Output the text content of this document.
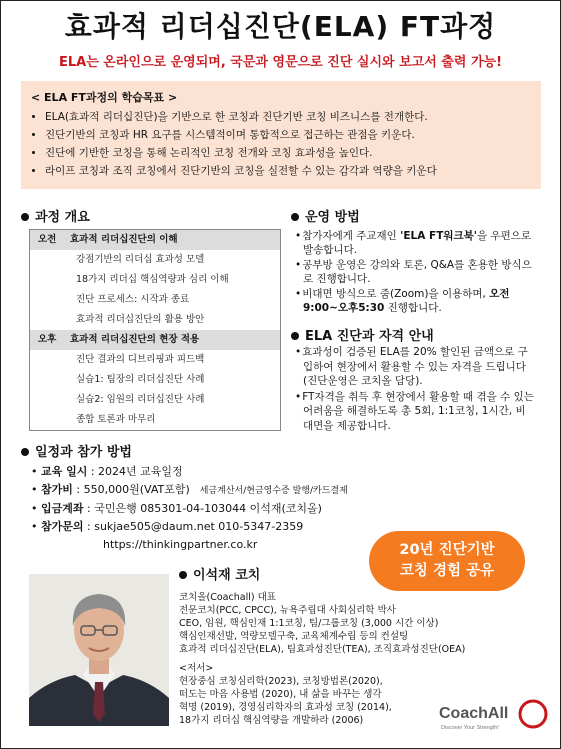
효과적 리더십진단(ELA) FT과정
ELA는 온라인으로 운영되며, 국문과 영문으로 진단 실시와 보고서 출력 가능!
< ELA FT과정의 학습목표 >
• ELA(효과적 리더십진단)을 기반으로 한 코칭과 진단기반 코칭 비즈니스를 전개한다.
• 진단기반의 코칭과 HR 요구를 시스템적이며 통합적으로 접근하는 관점을 키운다.
• 진단에 기반한 코칭을 통해 논리적인 코칭 전개와 코칭 효과성을 높인다.
• 라이프 코칭과 조직 코칭에서 진단기반의 코칭을 실전할 수 있는 감각과 역량을 키운다
과정 개요
오전 효과적 리더십진단의 이해
강점기반의 리더십 효과성 모델
18가지 리더십 핵심역량과 심리 이해
진단 프로세스: 시작과 종료
효과적 리더십진단의 활용 방안
오후 효과적 리더십진단의 현장 적용
진단 결과의 디브리핑과 피드백
실습1: 팀장의 리더십진단 사례
실습2: 임원의 리더십진단 사례
종합 토론과 마무리
운영 방법
• 참가자에게 주교재인 'ELA FT워크북'을 우편으로 발송합니다.
• 공부방 운영은 강의와 토론, Q&A를 혼용한 방식으로 진행합니다.
• 비대면 방식으로 줌(Zoom)을 이용하며, 오전9:00~오후5:30 진행합니다.
ELA 진단과 자격 안내
• 효과성이 검증된 ELA를 20% 할인된 금액으로 구입하여 현장에서 활용할 수 있는 자격을 드립니다(진단운영은 코치올 담당).
• FT자격을 취득 후 현장에서 활용할 때 겪을 수 있는 어려움을 해결하도록 총 5회, 1:1코칭, 1시간, 비대면을 제공합니다.
일정과 참가 방법
• 교육 일시 : 2024년 교육일정
• 참가비 : 550,000원(VAT포함) 세금계산서/현금영수증 발행/카드결제
• 입금계좌 : 국민은행 085301-04-103044 이석재(코치올)
• 참가문의 : sukjae505@daum.net 010-5347-2359
https://thinkingpartner.co.kr	20년 진단기반
코칭 경험 공유
이석재 코치
코치올(Coachall) 대표
전문코치(PCC, CPCC), 뉴욕주립대 사회심리학 박사
CEO, 임원, 핵심인재 1:1코칭, 팀/그룹코칭 (3,000 시간 이상)
핵심인재선발, 역량모델구축, 교육체계수립 등의 컨설팅
효과적 리더십진단(ELA), 팀효과성진단(TEA), 조직효과성진단(OEA)
<저서>
현장중심 코칭심리학(2023), 코칭방법론(2020),
떠도는 마음 사용법 (2020), 내 삶을 바꾸는 생각
혁명 (2019), 경영심리학자의 효과성 코칭 (2014),
18가지 리더십 핵심역량을 개발하라 (2006)	CoachAll
Discover Your Strength!
